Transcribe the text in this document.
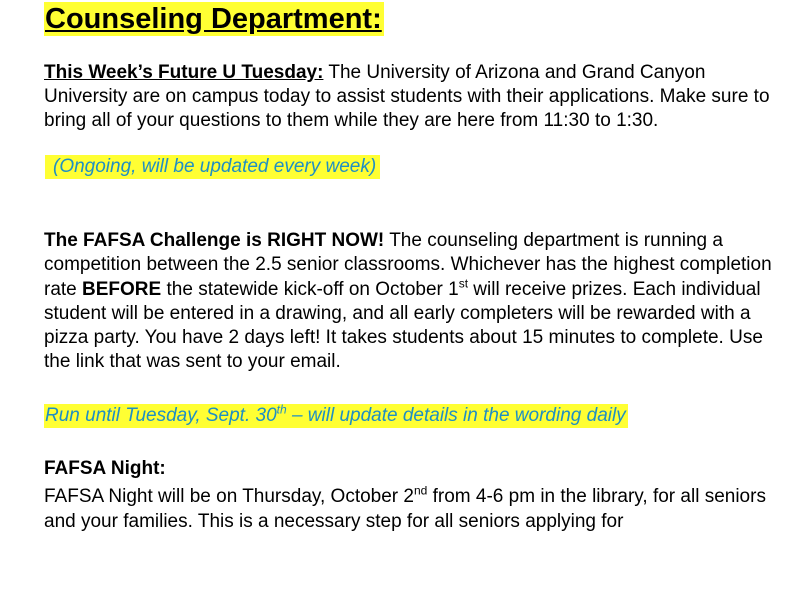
Counseling Department:
This Week’s Future U Tuesday: The University of Arizona and Grand Canyon University are on campus today to assist students with their applications. Make sure to bring all of your questions to them while they are here from 11:30 to 1:30.
(Ongoing, will be updated every week)
The FAFSA Challenge is RIGHT NOW! The counseling department is running a competition between the 2.5 senior classrooms. Whichever has the highest completion rate BEFORE the statewide kick-off on October 1st will receive prizes. Each individual student will be entered in a drawing, and all early completers will be rewarded with a pizza party. You have 2 days left! It takes students about 15 minutes to complete. Use the link that was sent to your email.
Run until Tuesday, Sept. 30th – will update details in the wording daily
FAFSA Night:
FAFSA Night will be on Thursday, October 2nd from 4-6 pm in the library, for all seniors and your families. This is a necessary step for all seniors applying for
